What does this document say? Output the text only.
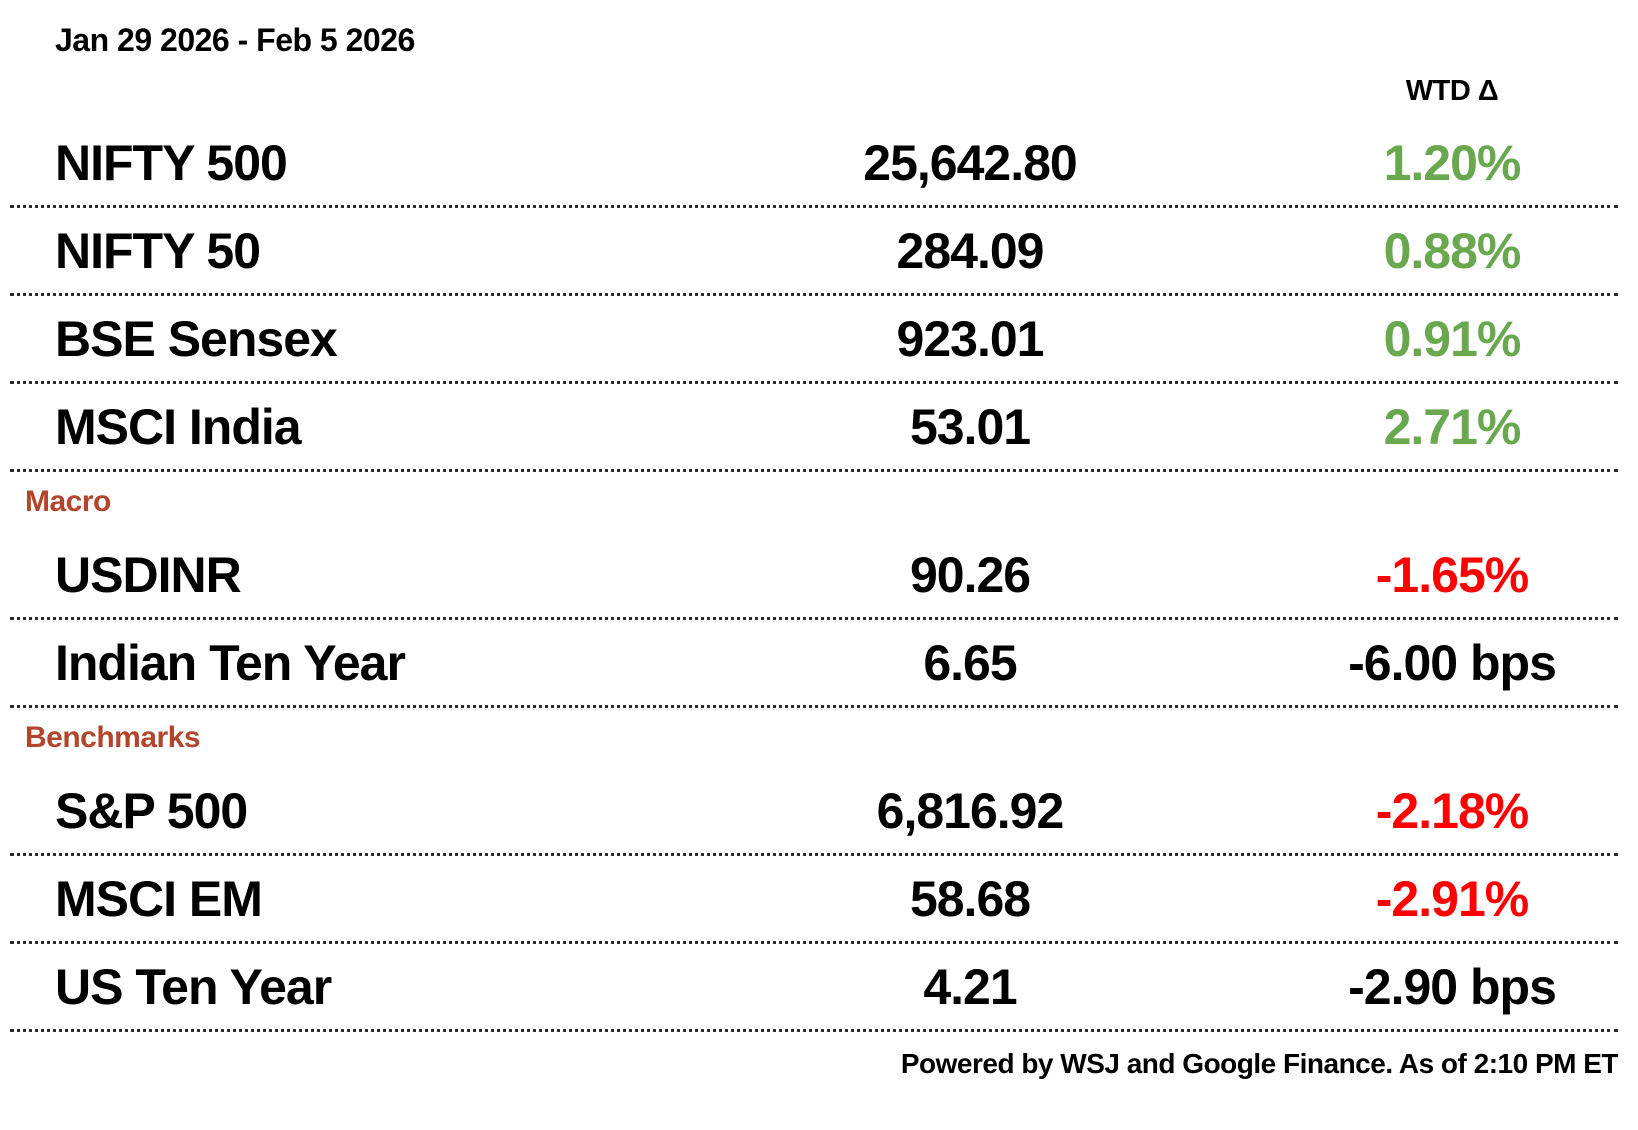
Jan 29 2026 - Feb 5 2026
WTD Δ
NIFTY 500	25,642.80	1.20%
NIFTY 50	284.09	0.88%
BSE Sensex	923.01	0.91%
MSCI India	53.01	2.71%
Macro
USDINR	90.26	-1.65%
Indian Ten Year	6.65	-6.00 bps
Benchmarks
S&P 500	6,816.92	-2.18%
MSCI EM	58.68	-2.91%
US Ten Year	4.21	-2.90 bps
Powered by WSJ and Google Finance. As of 2:10 PM ET
